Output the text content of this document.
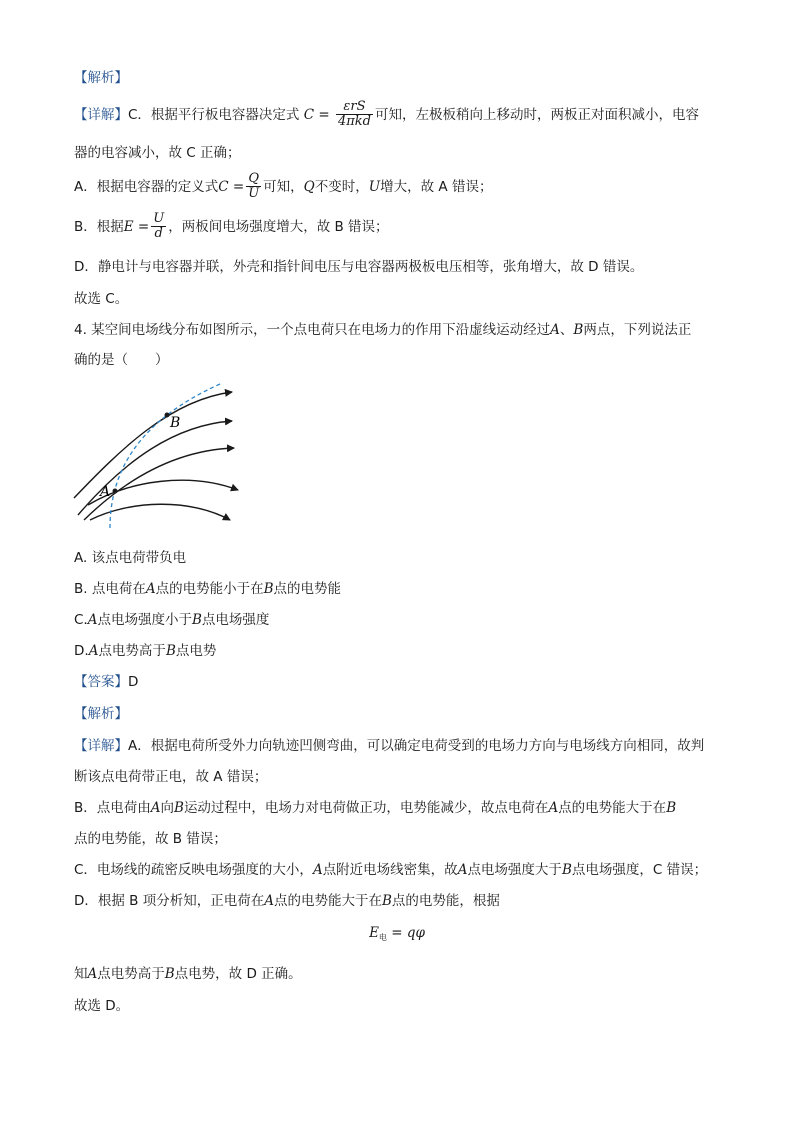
【解析】
【详解】C．根据平行板电容器决定式 $C = \frac{\text{εrS}}{\text{4πkd}}$ 可知，左极板稍向上移动时，两板正对面积减小，电容
器的电容减小，故 C 正确；
A．根据电容器的定义式$C = \frac{Q}{U}$ 可知，Q不变时，U增大，故 A 错误；
B．根据$E = \frac{U}{d}$ ，两板间电场强度增大，故 B 错误；
D．静电计与电容器并联，外壳和指针间电压与电容器两极板电压相等，张角增大，故 D 错误。
故选 C。
4. 某空间电场线分布如图所示，一个点电荷只在电场力的作用下沿虚线运动经过A、B两点，下列说法正
确的是（　　）
A
B
A. 该点电荷带负电
B. 点电荷在A点的电势能小于在B点的电势能
C.A点电场强度小于B点电场强度
D.A点电势高于B点电势
【答案】D
【解析】
【详解】A．根据电荷所受外力向轨迹凹侧弯曲，可以确定电荷受到的电场力方向与电场线方向相同，故判
断该点电荷带正电，故 A 错误；
B．点电荷由A向B运动过程中，电场力对电荷做正功，电势能减少，故点电荷在A点的电势能大于在B
点的电势能，故 B 错误；
C．电场线的疏密反映电场强度的大小，A点附近电场线密集，故A点电场强度大于B点电场强度，C 错误；
D．根据 B 项分析知，正电荷在A点的电势能大于在B点的电势能，根据
$E_电 = q\varphi$
知A点电势高于B点电势，故 D 正确。
故选 D。
